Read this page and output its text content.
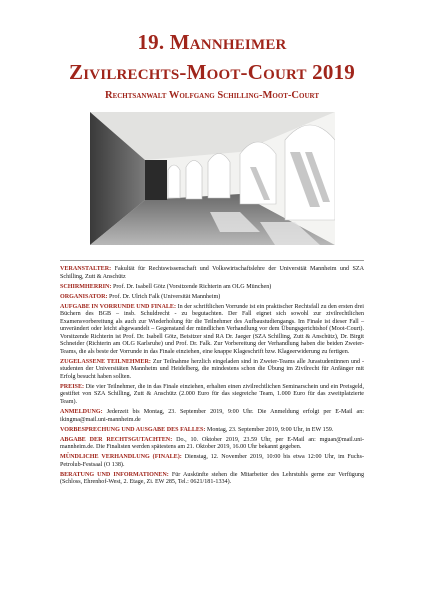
19. Mannheimer
Zivilrechts-Moot-Court 2019
Rechtsanwalt Wolfgang Schilling-Moot-Court

VERANSTALTER: Fakultät für Rechtswissenschaft und Volkswirtschaftslehre der Universität Mannheim und SZA Schilling, Zutt & Anschütz

SCHIRMHERRIN: Prof. Dr. Isabell Götz (Vorsitzende Richterin am OLG München)

ORGANISATOR: Prof. Dr. Ulrich Falk (Universität Mannheim)

AUFGABE IN VORRUNDE UND FINALE: In der schriftlichen Vorrunde ist ein praktischer Rechtsfall zu den ersten drei Büchern des BGB – insb. Schuldrecht - zu begutachten. Der Fall eignet sich sowohl zur zivilrechtlichen Examensvorbereitung als auch zur Wiederholung für die Teilnehmer des Aufbaustudiengangs. Im Finale ist dieser Fall – unverändert oder leicht abgewandelt – Gegenstand der mündlichen Verhandlung vor dem Übungsgerichtshof (Moot-Court). Vorsitzende Richterin ist Prof. Dr. Isabell Götz, Beisitzer sind RA Dr. Jaeger (SZA Schilling, Zutt & Anschütz), Dr. Birgit Schneider (Richterin am OLG Karlsruhe) und Prof. Dr. Falk. Zur Vorbereitung der Verhandlung haben die beiden Zweier-Teams, die als beste der Vorrunde in das Finale einziehen, eine knappe Klageschrift bzw. Klageerwiderung zu fertigen.

ZUGELASSENE TEILNEHMER: Zur Teilnahme herzlich eingeladen sind in Zweier-Teams alle Jurastudentinnen und -studenten der Universitäten Mannheim und Heidelberg, die mindestens schon die Übung im Zivilrecht für Anfänger mit Erfolg besucht haben sollten.

PREISE: Die vier Teilnehmer, die in das Finale einziehen, erhalten einen zivilrechtlichen Seminarschein und ein Preisgeld, gestiftet von SZA Schilling, Zutt & Anschütz (2.000 Euro für das siegreiche Team, 1.000 Euro für das zweitplatzierte Team).

ANMELDUNG: Jederzeit bis Montag, 23. September 2019, 9:00 Uhr. Die Anmeldung erfolgt per E-Mail an: ikingma@mail.uni-mannheim.de

VORBESPRECHUNG UND AUSGABE DES FALLES: Montag, 23. September 2019, 9:00 Uhr, in EW 159.

ABGABE DER RECHTSGUTACHTEN: Do., 10. Oktober 2019, 23.59 Uhr, per E-Mail an: mguan@mail.uni-mannheim.de. Die Finalisten werden spätestens am 21. Oktober 2019, 16.00 Uhr bekannt gegeben.

MÜNDLICHE VERHANDLUNG (FINALE): Dienstag, 12. November 2019, 10:00 bis etwa 12:00 Uhr, im Fuchs-Petrolub-Festsaal (O 138).

BERATUNG UND INFORMATIONEN: Für Auskünfte stehen die Mitarbeiter des Lehrstuhls gerne zur Verfügung (Schloss, Ehrenhof-West, 2. Etage, Zi. EW 285, Tel.: 0621/181-1334).
